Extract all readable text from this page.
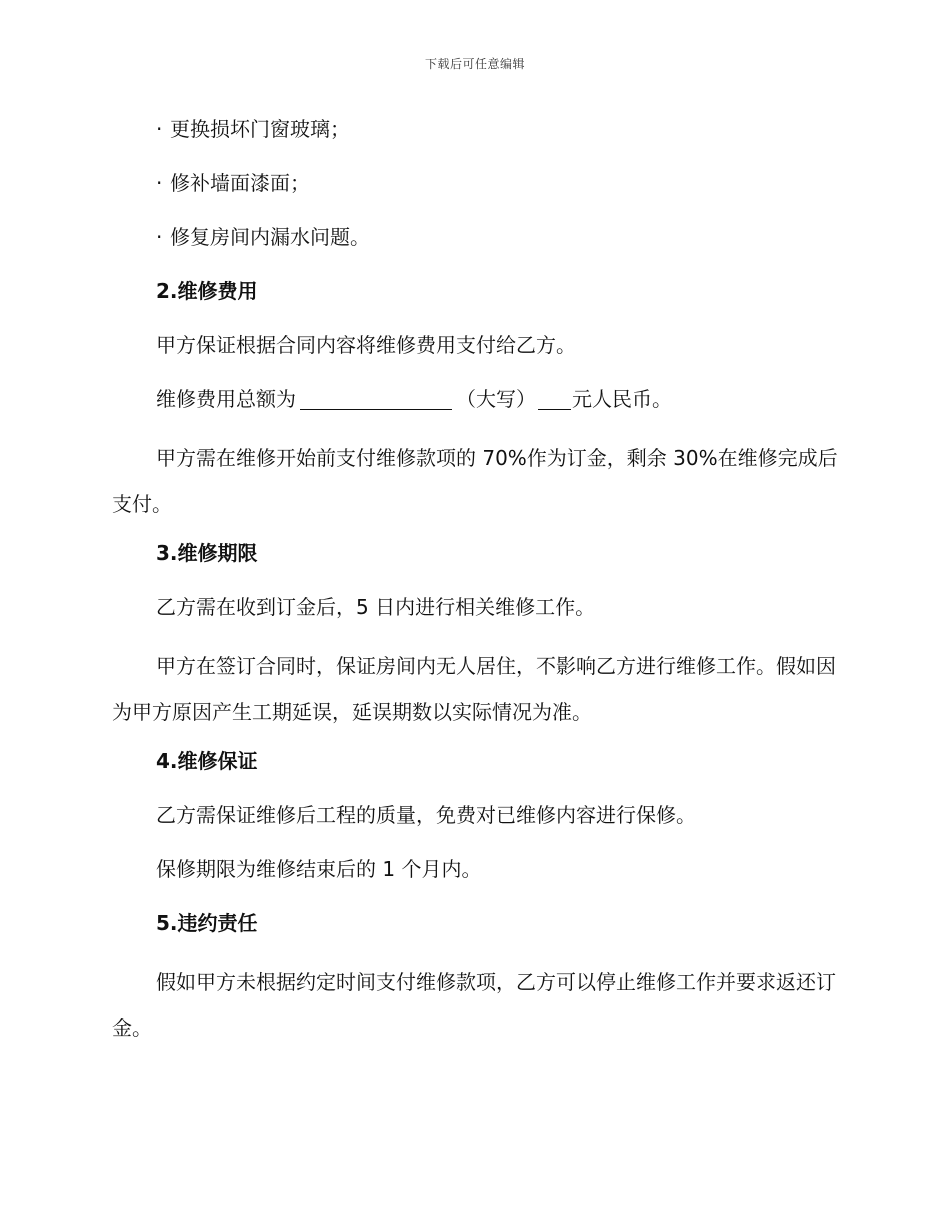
下载后可任意编辑

· 更换损坏门窗玻璃；

· 修补墙面漆面；

· 修复房间内漏水问题。

2.维修费用

甲方保证根据合同内容将维修费用支付给乙方。

维修费用总额为	（大写） 元人民币。

甲方需在维修开始前支付维修款项的 70%作为订金，剩余 30%在维修完成后支付。

3.维修期限

乙方需在收到订金后，5 日内进行相关维修工作。

甲方在签订合同时，保证房间内无人居住，不影响乙方进行维修工作。假如因为甲方原因产生工期延误，延误期数以实际情况为准。

4.维修保证

乙方需保证维修后工程的质量，免费对已维修内容进行保修。

保修期限为维修结束后的 1 个月内。

5.违约责任

假如甲方未根据约定时间支付维修款项，乙方可以停止维修工作并要求返还订金。
